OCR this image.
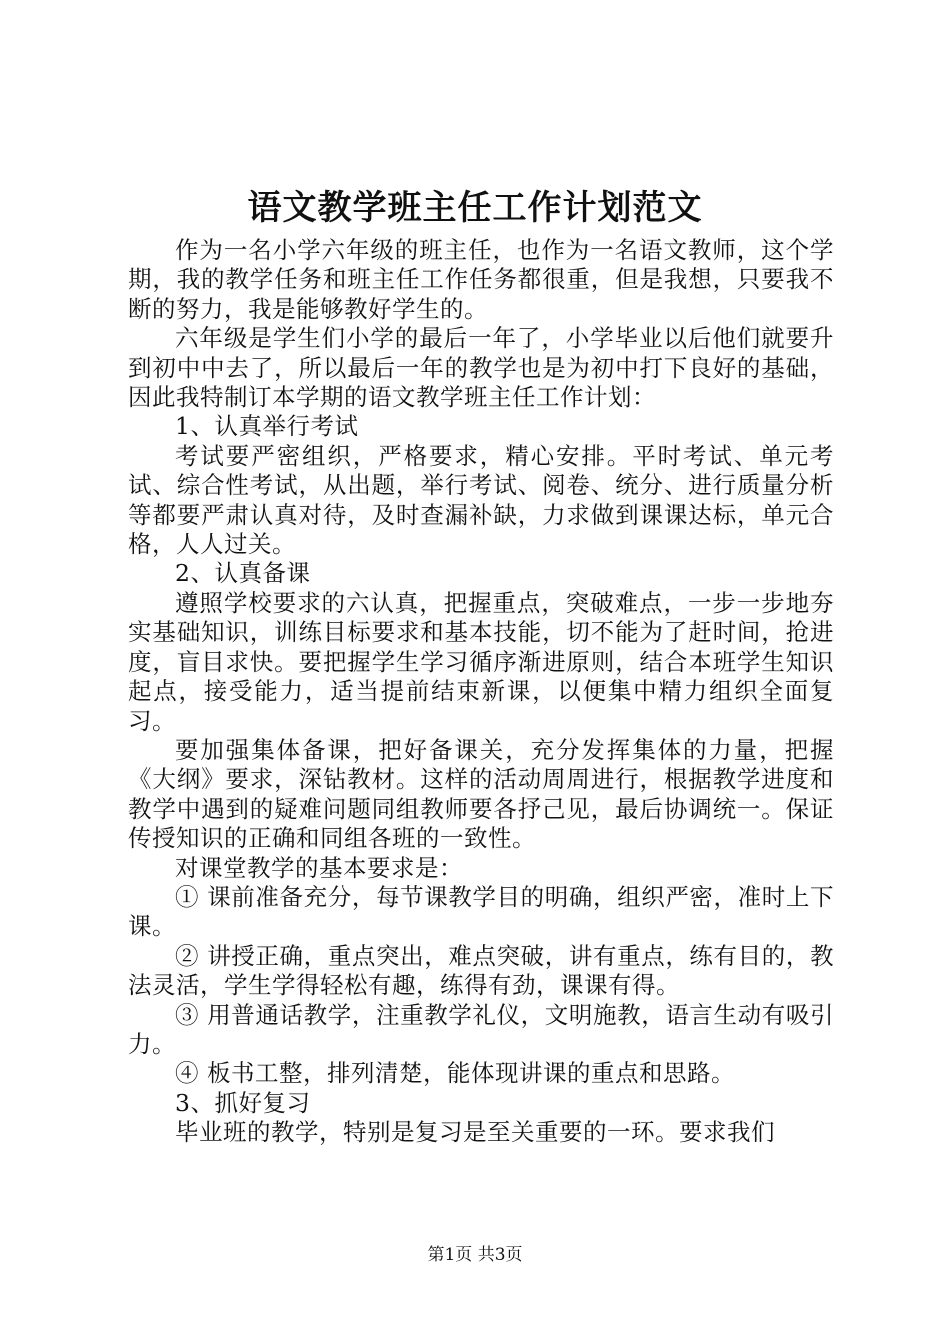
语文教学班主任工作计划范文

作为一名小学六年级的班主任，也作为一名语文教师，这个学期，我的教学任务和班主任工作任务都很重，但是我想，只要我不断的努力，我是能够教好学生的。

六年级是学生们小学的最后一年了，小学毕业以后他们就要升到初中中去了，所以最后一年的教学也是为初中打下良好的基础，因此我特制订本学期的语文教学班主任工作计划：

1、认真举行考试

考试要严密组织，严格要求，精心安排。平时考试、单元考试、综合性考试，从出题，举行考试、阅卷、统分、进行质量分析等都要严肃认真对待，及时查漏补缺，力求做到课课达标，单元合格，人人过关。

2、认真备课

遵照学校要求的六认真，把握重点，突破难点，一步一步地夯实基础知识，训练目标要求和基本技能，切不能为了赶时间，抢进度，盲目求快。要把握学生学习循序渐进原则，结合本班学生知识起点，接受能力，适当提前结束新课，以便集中精力组织全面复习。

要加强集体备课，把好备课关，充分发挥集体的力量，把握《大纲》要求，深钻教材。这样的活动周周进行，根据教学进度和教学中遇到的疑难问题同组教师要各抒己见，最后协调统一。保证传授知识的正确和同组各班的一致性。

对课堂教学的基本要求是：

① 课前准备充分，每节课教学目的明确，组织严密，准时上下课。

② 讲授正确，重点突出，难点突破，讲有重点，练有目的，教法灵活，学生学得轻松有趣，练得有劲，课课有得。

③ 用普通话教学，注重教学礼仪，文明施教，语言生动有吸引力。

④ 板书工整，排列清楚，能体现讲课的重点和思路。

3、抓好复习

毕业班的教学，特别是复习是至关重要的一环。要求我们

第1页 共3页
